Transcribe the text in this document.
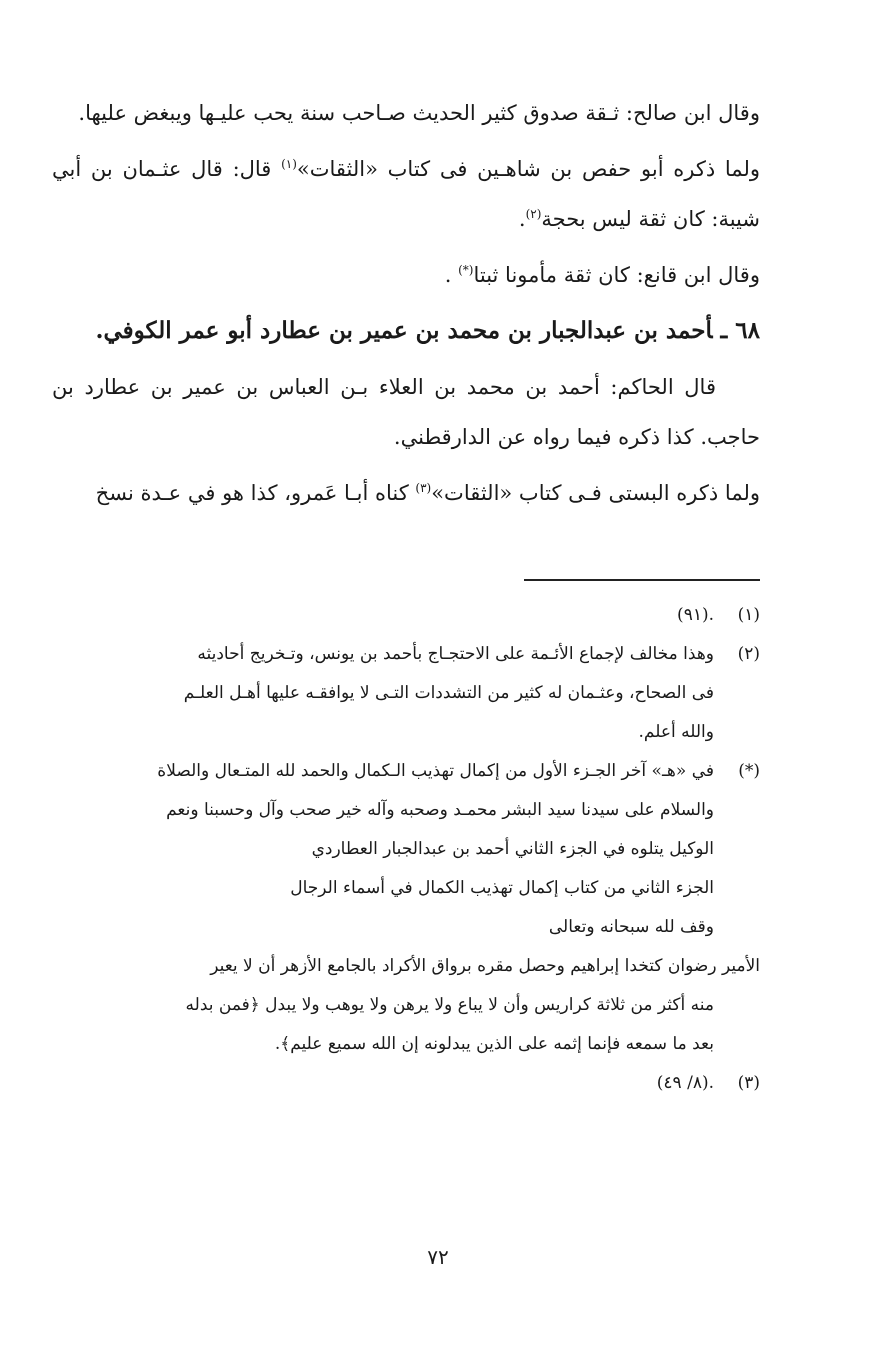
وقال ابن صالح: ثـقة صدوق كثير الحديث صـاحب سنة يحب عليـها ويبغض عليها.

ولما ذكره أبو حفص بن شاهـين فى كتاب «الثقات»$^{(١)}$ قال: قال عثـمان بن أبي شيبة: كان ثقة ليس بحجة$^{(٢)}$.

وقال ابن قانع: كان ثقة مأمونا ثبتا(*) .

٦٨ ـأحمد بن عبدالجبار بن محمد بن عمير بن عطارد أبو عمر الكوفي.

قال الحاكم: أحمد بن محمد بن العلاء بـن العباس بن عمير بن عطارد بن حاجب. كذا ذكره فيما رواه عن الدارقطني.

ولما ذكره البستى فـى كتاب «الثقات»$^{(٣)}$ كناه أبـا عَمرو، كذا هو في عـدة نسخ

(١)
.(٩١)
(٢)
وهذا مخالف لإجماع الأئـمة على الاحتجـاج بأحمد بن يونس، وتـخريج أحاديثه
فى الصحاح، وعثـمان له كثير من التشددات التـى لا يوافقـه عليها أهـل العلـم
والله أعلم.
(*)
في «هـ» آخر الجـزء الأول من إكمال تهذيب الـكمال والحمد لله المتـعال والصلاة
والسلام على سيدنا سيد البشر محمـد وصحبه وآله خير صحب وآل وحسبنا ونعم
الوكيل يتلوه في الجزء الثاني أحمد بن عبدالجبار العطاردي
الجزء الثاني من كتاب إكمال تهذيب الكمال في أسماء الرجال
وقف لله سبحانه وتعالى
الأمير رضوان كتخدا إبراهيم وحصل مقره برواق الأكراد بالجامع الأزهر أن لا يعير
منه أكثر من ثلاثة كراريس وأن لا يباع ولا يرهن ولا يوهب ولا يبدل ﴿فمن بدله
بعد ما سمعه فإنما إثمه على الذين يبدلونه إن الله سميع عليم﴾.
(٣)
.(٨/ ٤٩)
٧٢
